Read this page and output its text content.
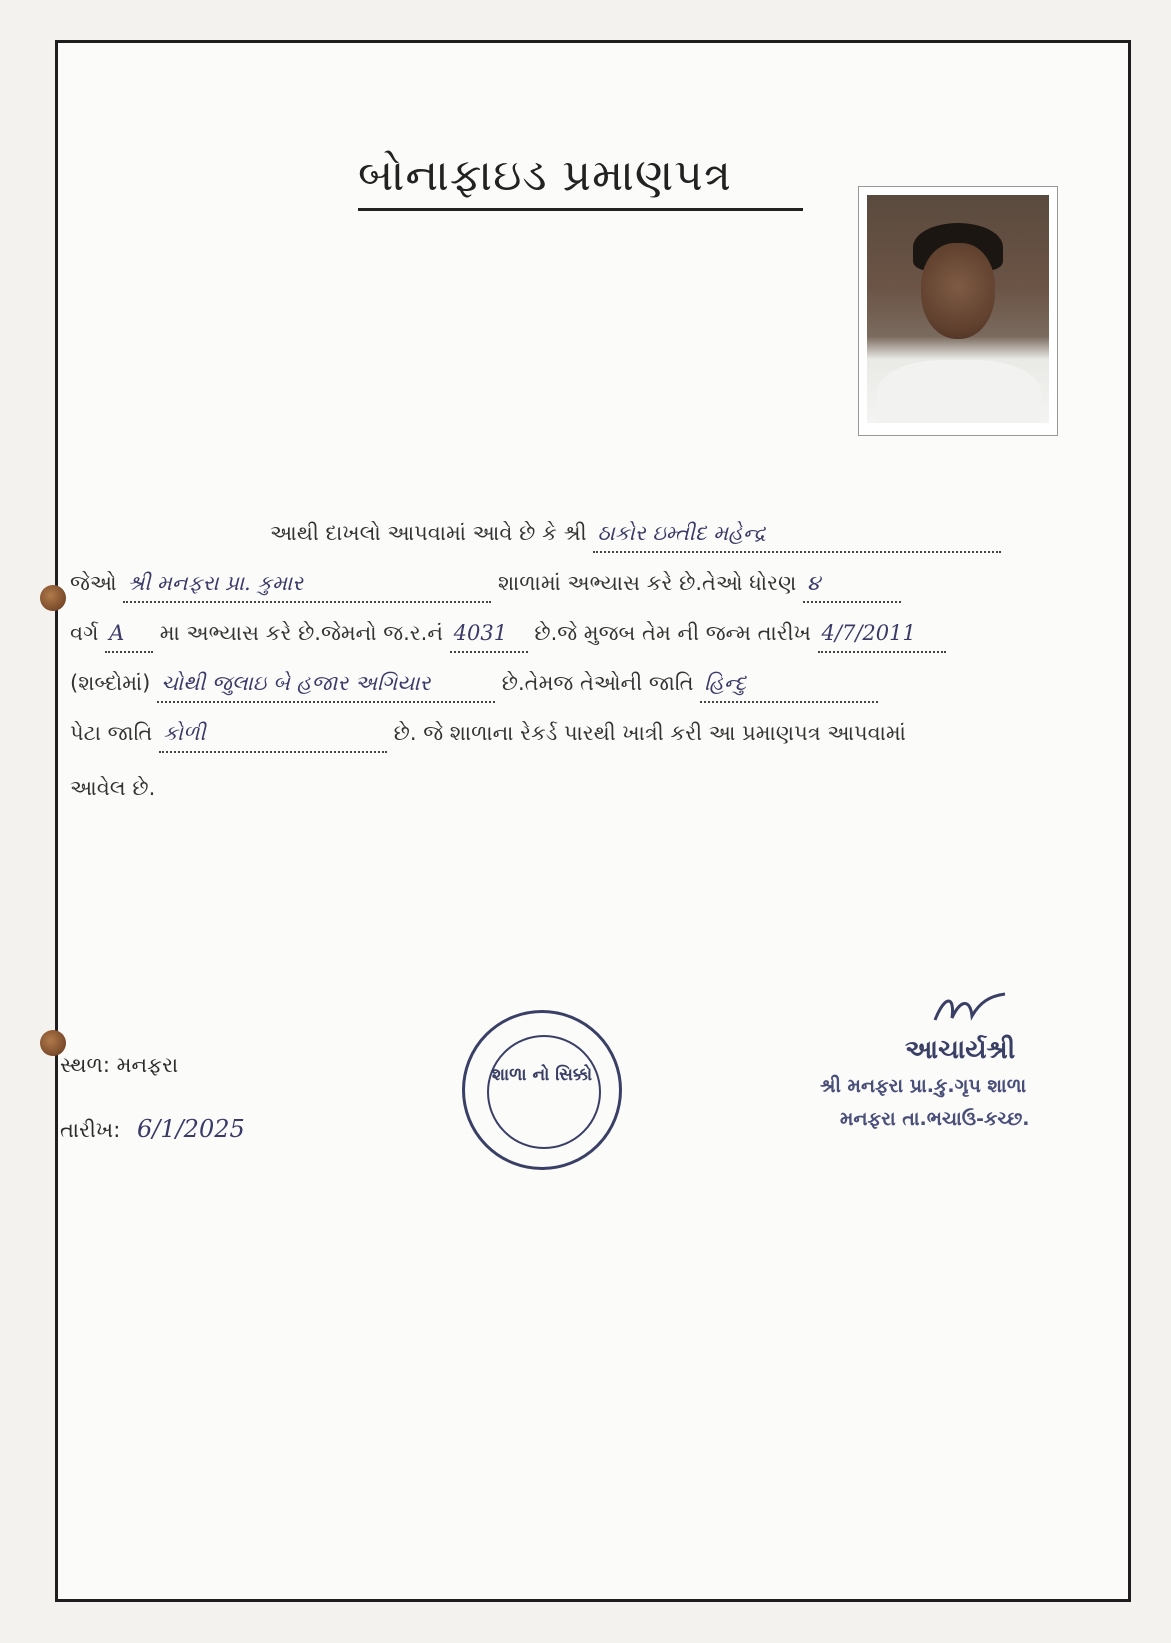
બોનાફાઇડ પ્રમાણપત્ર
આથી દાખલો આપવામાં આવે છે કે શ્રી ઠાકોર ઇમ્તીદ મહેન્દ્ર
જેઓ શ્રી મનફરા પ્રા. કુમાર	શાળામાં અભ્યાસ કરે છે.તેઓ ધોરણ ૪
વર્ગ A મા અભ્યાસ કરે છે.જેમનો જ.ર.નં 4031 છે.જે મુજબ તેમ ની જન્મ તારીખ 4/7/2011
(શબ્દોમાં) ચોથી જુલાઇ બે હજાર અગિયાર	છે.તેમજ તેઓની જાતિ હિન્દુ
પેટા જાતિ કોળી	છે. જે શાળાના રેકર્ડ પારથી ખાત્રી કરી આ પ્રમાણપત્ર આપવામાં
આવેલ છે.
સ્થળ: મનફરા
તારીખ: 6/1/2025
શાળા નો સિક્કો
આચાર્યશ્રી
શ્રી મનફરા પ્રા.કુ.ગૃપ શાળા
મનફરા તા.ભચાઉ-કચ્છ.
